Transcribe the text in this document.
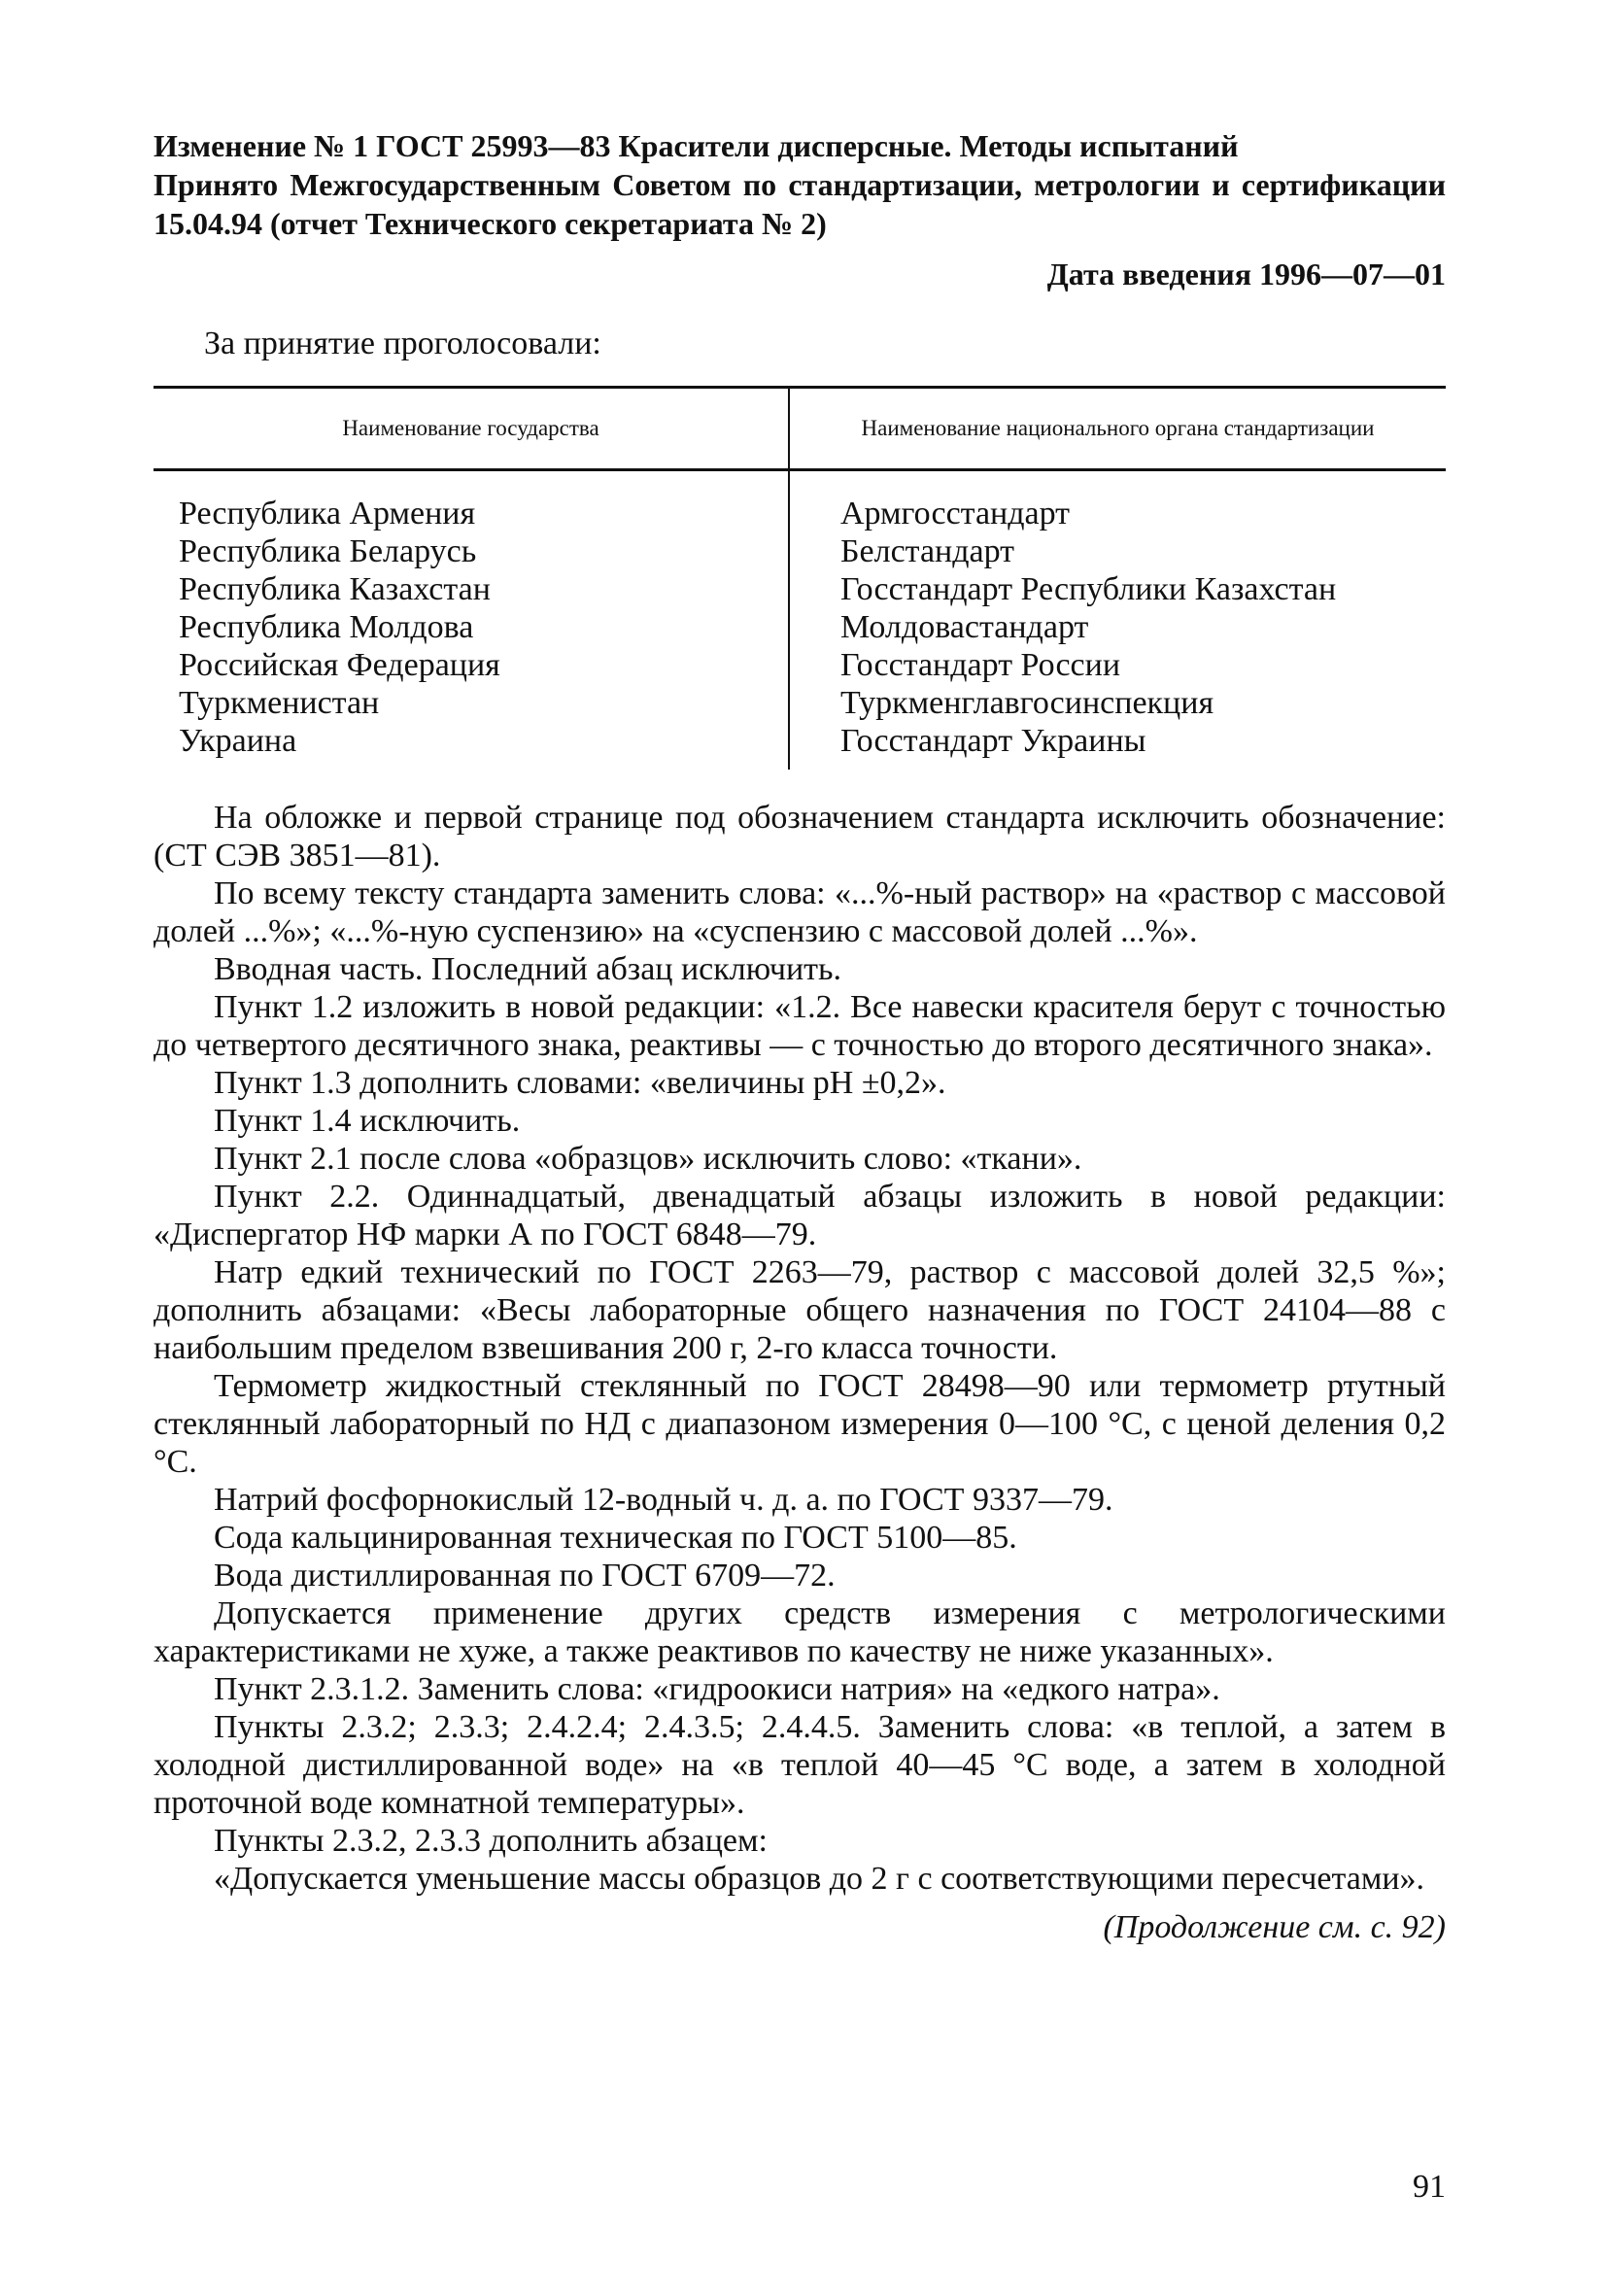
Изменение № 1 ГОСТ 25993—83 Красители дисперсные. Методы испытаний

Принято Межгосударственным Советом по стандартизации, метрологии и сертификации 15.04.94 (отчет Технического секретариата № 2)

Дата введения 1996—07—01
За принятие проголосовали:
Наименование государства	Наименование национального органа стандартизации
Республика Армения	Армгосстандарт
Республика Беларусь	Белстандарт
Республика Казахстан	Госстандарт Республики Казахстан
Республика Молдова	Молдовастандарт
Российская Федерация	Госстандарт России
Туркменистан	Туркменглавгосинспекция
Украина	Госстандарт Украины

На обложке и первой странице под обозначением стандарта исключить обозначение: (СТ СЭВ 3851—81).

По всему тексту стандарта заменить слова: «...%-ный раствор» на «раствор с массовой долей ...%»; «...%-ную суспензию» на «суспензию с массовой долей ...%».

Вводная часть. Последний абзац исключить.

Пункт 1.2 изложить в новой редакции: «1.2. Все навески красителя берут с точностью до четвертого десятичного знака, реактивы — с точностью до второго десятичного знака».

Пункт 1.3 дополнить словами: «величины pH ±0,2».

Пункт 1.4 исключить.

Пункт 2.1 после слова «образцов» исключить слово: «ткани».

Пункт 2.2. Одиннадцатый, двенадцатый абзацы изложить в новой редакции: «Диспергатор НФ марки А по ГОСТ 6848—79.

Натр едкий технический по ГОСТ 2263—79, раствор с массовой долей 32,5 %»; дополнить абзацами: «Весы лабораторные общего назначения по ГОСТ 24104—88 с наибольшим пределом взвешивания 200 г, 2-го класса точности.

Термометр жидкостный стеклянный по ГОСТ 28498—90 или термометр ртутный стеклянный лабораторный по НД с диапазоном измерения 0—100 °С, с ценой деления 0,2 °С.

Натрий фосфорнокислый 12-водный ч. д. а. по ГОСТ 9337—79.

Сода кальцинированная техническая по ГОСТ 5100—85.

Вода дистиллированная по ГОСТ 6709—72.

Допускается применение других средств измерения с метрологическими характеристиками не хуже, а также реактивов по качеству не ниже указанных».

Пункт 2.3.1.2. Заменить слова: «гидроокиси натрия» на «едкого натра».

Пункты 2.3.2; 2.3.3; 2.4.2.4; 2.4.3.5; 2.4.4.5. Заменить слова: «в теплой, а затем в холодной дистиллированной воде» на «в теплой 40—45 °С воде, а затем в холодной проточной воде комнатной температуры».

Пункты 2.3.2, 2.3.3 дополнить абзацем:

«Допускается уменьшение массы образцов до 2 г с соответствующими пересчетами».

(Продолжение см. с. 92)
91
